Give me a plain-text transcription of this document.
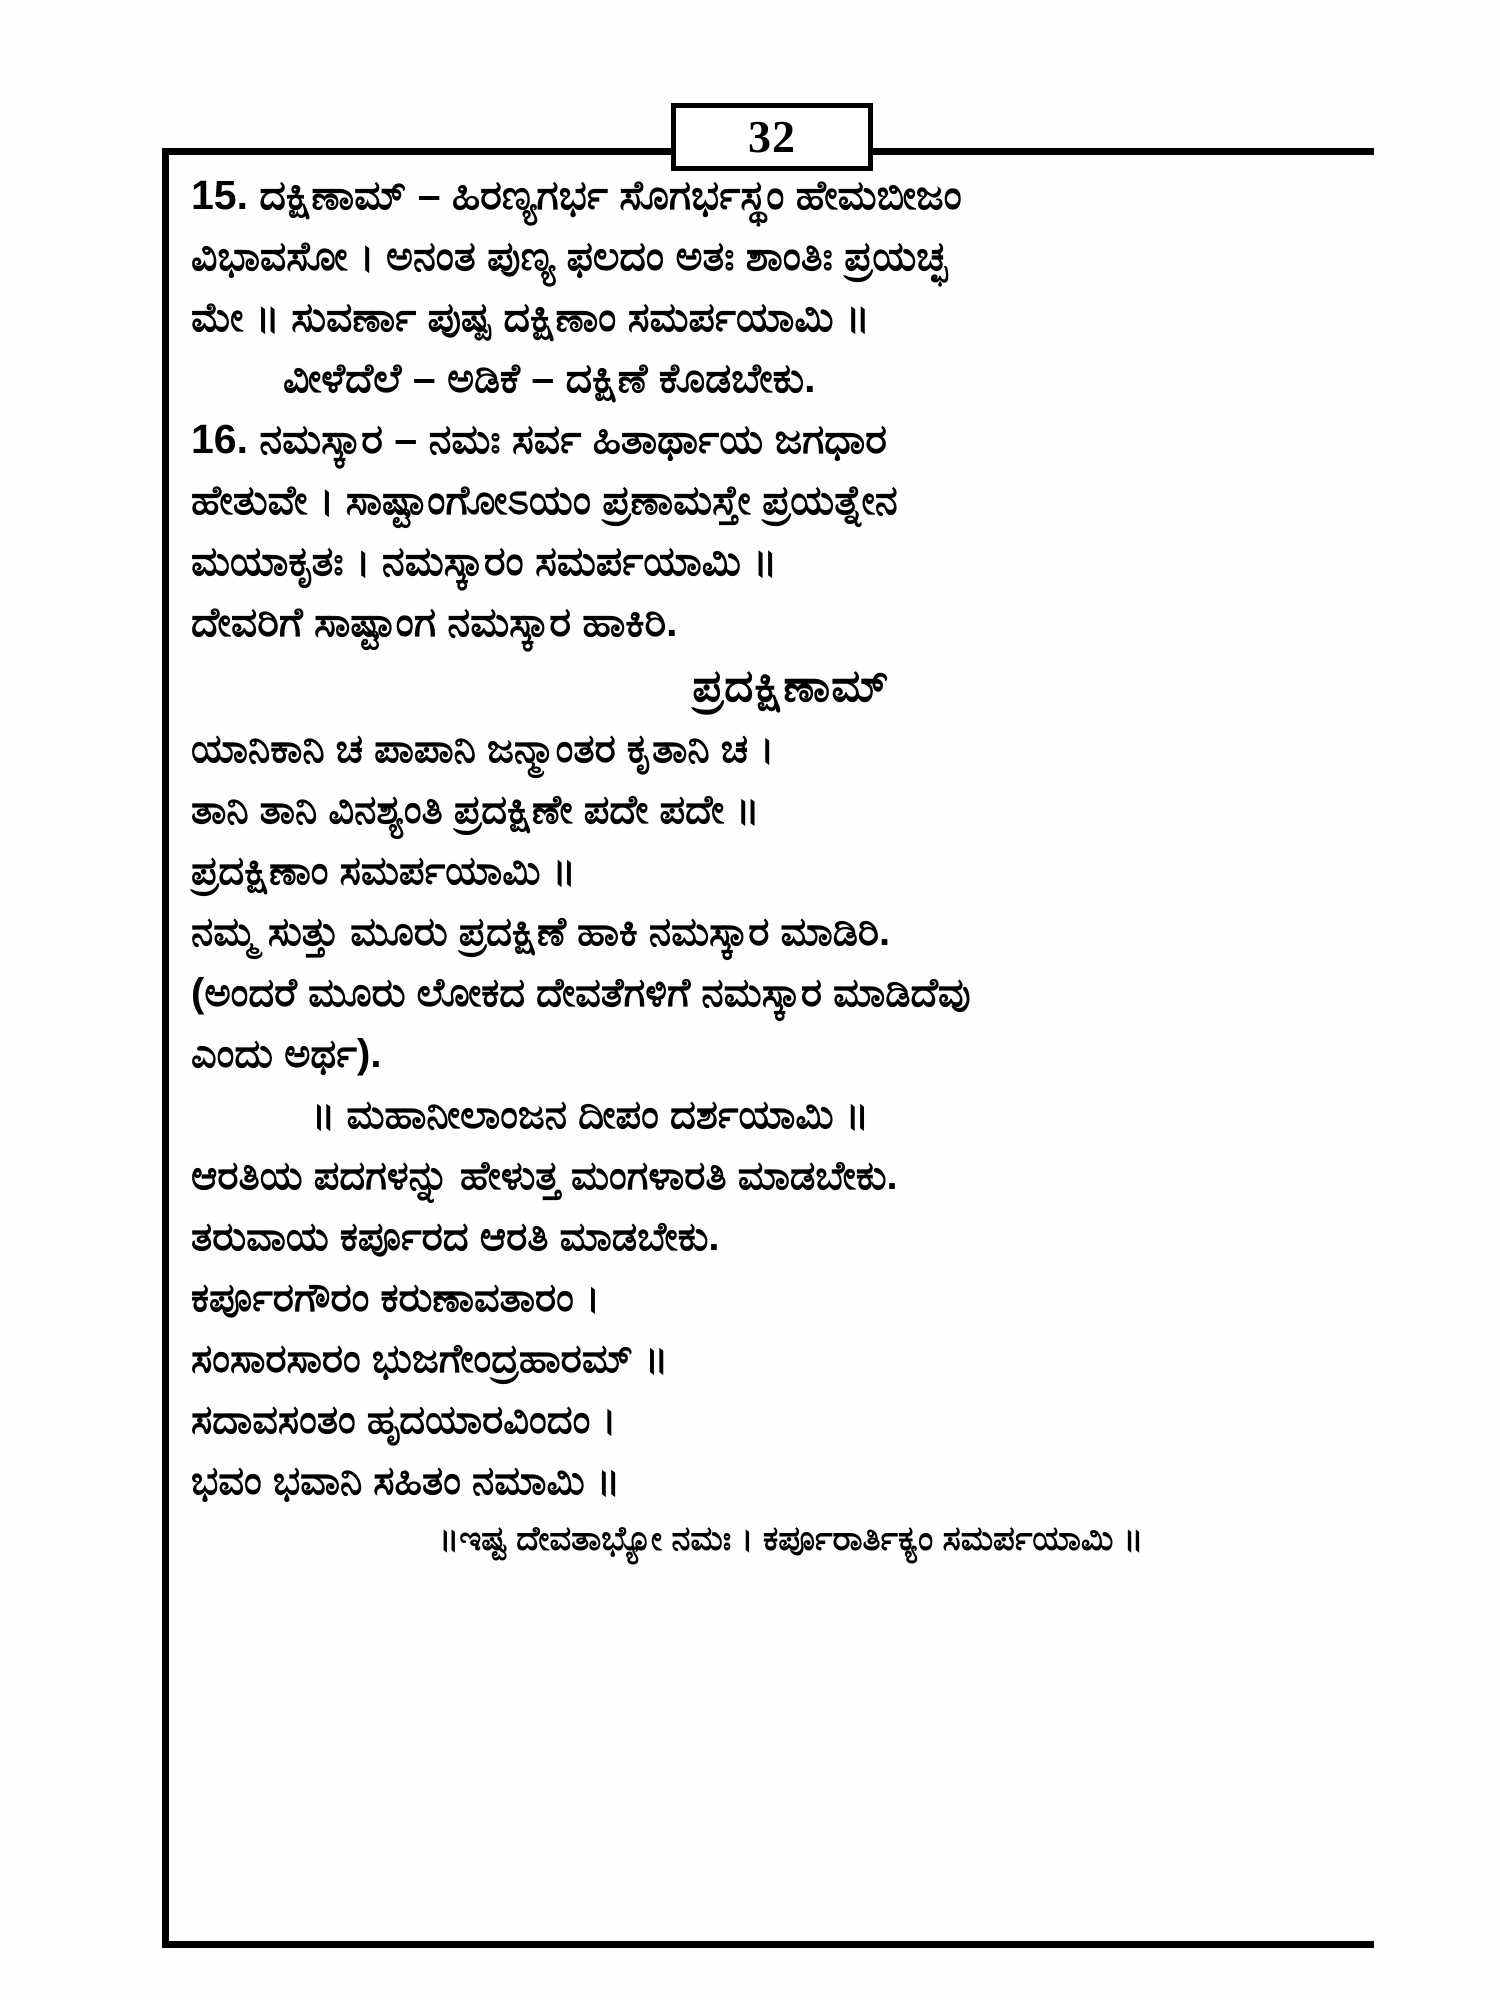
32
15. ದಕ್ಷಿಣಾಮ್ – ಹಿರಣ್ಯಗರ್ಭ ಸೊಗರ್ಭಸ್ಥಂ ಹೇಮಬೀಜಂ
ವಿಭಾವಸೋ । ಅನಂತ ಪುಣ್ಯ ಫಲದಂ ಅತಃ ಶಾಂತಿಃ ಪ್ರಯಚ್ಛ
ಮೇ ॥ ಸುವರ್ಣಾ ಪುಷ್ಪ ದಕ್ಷಿಣಾಂ ಸಮರ್ಪಯಾಮಿ ॥
ವೀಳೆದೆಲೆ – ಅಡಿಕೆ – ದಕ್ಷಿಣೆ ಕೊಡಬೇಕು.
16. ನಮಸ್ಕಾರ – ನಮಃ ಸರ್ವ ಹಿತಾರ್ಥಾಯ ಜಗಧಾರ
ಹೇತುವೇ । ಸಾಷ್ಟಾಂಗೋಽಯಂ ಪ್ರಣಾಮಸ್ತೇ ಪ್ರಯತ್ನೇನ
ಮಯಾಕೃತಃ । ನಮಸ್ಕಾರಂ ಸಮರ್ಪಯಾಮಿ ॥
ದೇವರಿಗೆ ಸಾಷ್ಟಾಂಗ ನಮಸ್ಕಾರ ಹಾಕಿರಿ.
ಪ್ರದಕ್ಷಿಣಾಮ್
ಯಾನಿಕಾನಿ ಚ ಪಾಪಾನಿ ಜನ್ಮಾಂತರ ಕೃತಾನಿ ಚ ।
ತಾನಿ ತಾನಿ ವಿನಶ್ಯಂತಿ ಪ್ರದಕ್ಷಿಣೇ ಪದೇ ಪದೇ ॥
ಪ್ರದಕ್ಷಿಣಾಂ ಸಮರ್ಪಯಾಮಿ ॥
ನಮ್ಮ ಸುತ್ತು ಮೂರು ಪ್ರದಕ್ಷಿಣೆ ಹಾಕಿ ನಮಸ್ಕಾರ ಮಾಡಿರಿ.
(ಅಂದರೆ ಮೂರು ಲೋಕದ ದೇವತೆಗಳಿಗೆ ನಮಸ್ಕಾರ ಮಾಡಿದೆವು
ಎಂದು ಅರ್ಥ).
॥ ಮಹಾನೀಲಾಂಜನ ದೀಪಂ ದರ್ಶಯಾಮಿ ॥
ಆರತಿಯ ಪದಗಳನ್ನು ಹೇಳುತ್ತ ಮಂಗಳಾರತಿ ಮಾಡಬೇಕು.
ತರುವಾಯ ಕರ್ಪೂರದ ಆರತಿ ಮಾಡಬೇಕು.
ಕರ್ಪೂರಗೌರಂ ಕರುಣಾವತಾರಂ ।
ಸಂಸಾರಸಾರಂ ಭುಜಗೇಂದ್ರಹಾರಮ್ ॥
ಸದಾವಸಂತಂ ಹೃದಯಾರವಿಂದಂ ।
ಭವಂ ಭವಾನಿ ಸಹಿತಂ ನಮಾಮಿ ॥
॥ಇಷ್ಟ ದೇವತಾಭ್ಯೋ ನಮಃ । ಕರ್ಪೂರಾರ್ತಿಕ್ಯಂ ಸಮರ್ಪಯಾಮಿ ॥
